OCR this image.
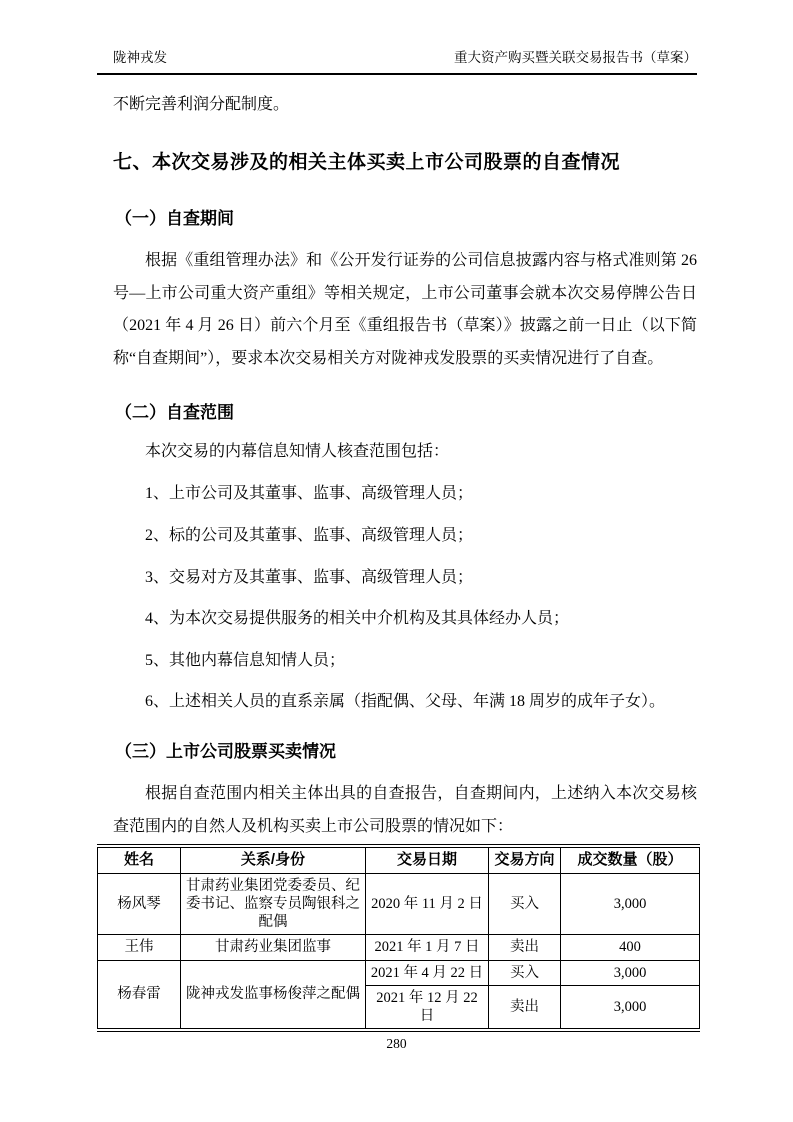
陇神戎发	重大资产购买暨关联交易报告书（草案）
不断完善利润分配制度。
七、本次交易涉及的相关主体买卖上市公司股票的自查情况
（一）自查期间
根据《重组管理办法》和《公开发行证券的公司信息披露内容与格式准则第 26 号—上市公司重大资产重组》等相关规定，上市公司董事会就本次交易停牌公告日（2021 年 4 月 26 日）前六个月至《重组报告书（草案）》披露之前一日止（以下简称“自查期间”），要求本次交易相关方对陇神戎发股票的买卖情况进行了自查。
（二）自查范围
本次交易的内幕信息知情人核查范围包括：
1、上市公司及其董事、监事、高级管理人员；
2、标的公司及其董事、监事、高级管理人员；
3、交易对方及其董事、监事、高级管理人员；
4、为本次交易提供服务的相关中介机构及其具体经办人员；
5、其他内幕信息知情人员；
6、上述相关人员的直系亲属（指配偶、父母、年满 18 周岁的成年子女）。
（三）上市公司股票买卖情况
根据自查范围内相关主体出具的自查报告，自查期间内，上述纳入本次交易核查范围内的自然人及机构买卖上市公司股票的情况如下：
姓名	关系/身份	交易日期	交易方向	成交数量（股）
杨风琴	甘肃药业集团党委委员、纪委书记、监察专员陶银科之配偶	2020 年 11 月 2 日	买入	3,000
王伟	甘肃药业集团监事	2021 年 1 月 7 日	卖出	400
杨春雷	陇神戎发监事杨俊萍之配偶	2021 年 4 月 22 日	买入	3,000
		2021 年 12 月 22 日	卖出	3,000
280
